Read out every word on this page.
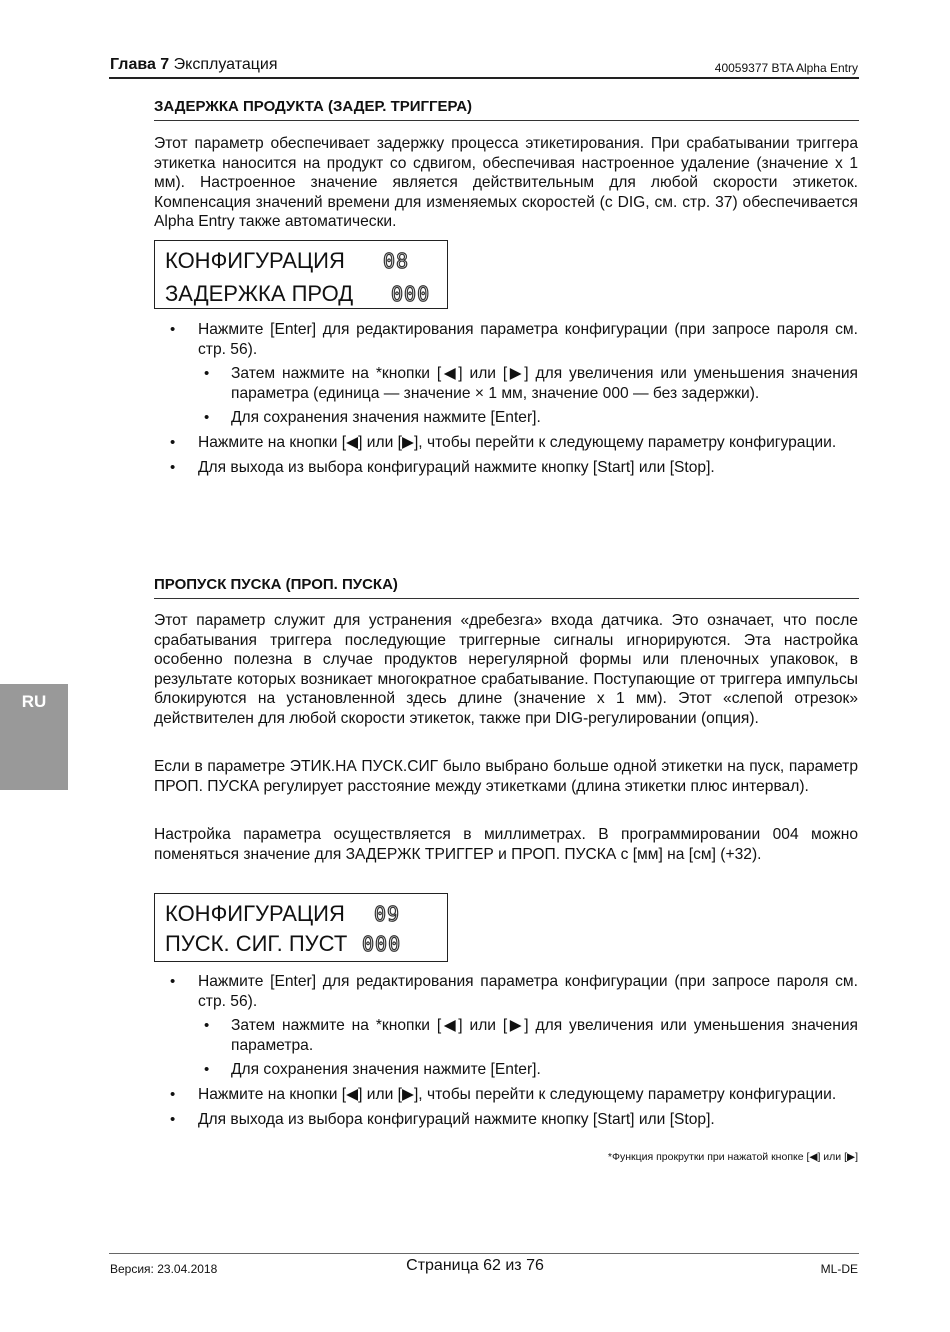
Глава 7 Эксплуатация	40059377 BTA Alpha Entry
RU
ЗАДЕРЖКА ПРОДУКТА (ЗАДЕР. ТРИГГЕРА)

Этот параметр обеспечивает задержку процесса этикетирования. При срабатывании триггера этикетка наносится на продукт со сдвигом, обеспечивая настроенное удаление (значение x 1 мм). Настроенное значение является действительным для любой скорости этикеток. Компенсация значений времени для изменяемых скоростей (с DIG, см. стр. 37) обеспечивается Alpha Entry также автоматически.

КОНФИГУРАЦИЯ 08
ЗАДЕРЖКА ПРОД 000
• Нажмите [Enter] для редактирования параметра конфигурации (при запросе пароля см. стр. 56).
• Затем нажмите на *кнопки [◀] или [▶] для увеличения или уменьшения значения параметра (единица — значение × 1 мм, значение 000 — без задержки).
• Для сохранения значения нажмите [Enter].
• Нажмите на кнопки [◀] или [▶], чтобы перейти к следующему параметру конфигурации.
• Для выхода из выбора конфигураций нажмите кнопку [Start] или [Stop].
ПРОПУСК ПУСКА (ПРОП. ПУСКА)

Этот параметр служит для устранения «дребезга» входа датчика. Это означает, что после срабатывания триггера последующие триггерные сигналы игнорируются. Эта настройка особенно полезна в случае продуктов нерегулярной формы или пленочных упаковок, в результате которых возникает многократное срабатывание. Поступающие от триггера импульсы блокируются на установленной здесь длине (значение x 1 мм). Этот «слепой отрезок» действителен для любой скорости этикеток, также при DIG-регулировании (опция).

Если в параметре ЭТИК.НА ПУСК.СИГ было выбрано больше одной этикетки на пуск, параметр ПРОП. ПУСКА регулирует расстояние между этикетками (длина этикетки плюс интервал).

Настройка параметра осуществляется в миллиметрах. В программировании 004 можно поменяться значение для ЗАДЕРЖК ТРИГГЕР и ПРОП. ПУСКА с [мм] на [см] (+32).

КОНФИГУРАЦИЯ 09
ПУСК. СИГ. ПУСТ 000
• Нажмите [Enter] для редактирования параметра конфигурации (при запросе пароля см. стр. 56).
• Затем нажмите на *кнопки [◀] или [▶] для увеличения или уменьшения значения параметра.
• Для сохранения значения нажмите [Enter].
• Нажмите на кнопки [◀] или [▶], чтобы перейти к следующему параметру конфигурации.
• Для выхода из выбора конфигураций нажмите кнопку [Start] или [Stop].
*Функция прокрутки при нажатой кнопке [◀] или [▶]
Версия: 23.04.2018	Страница 62 из 76	ML-DE
